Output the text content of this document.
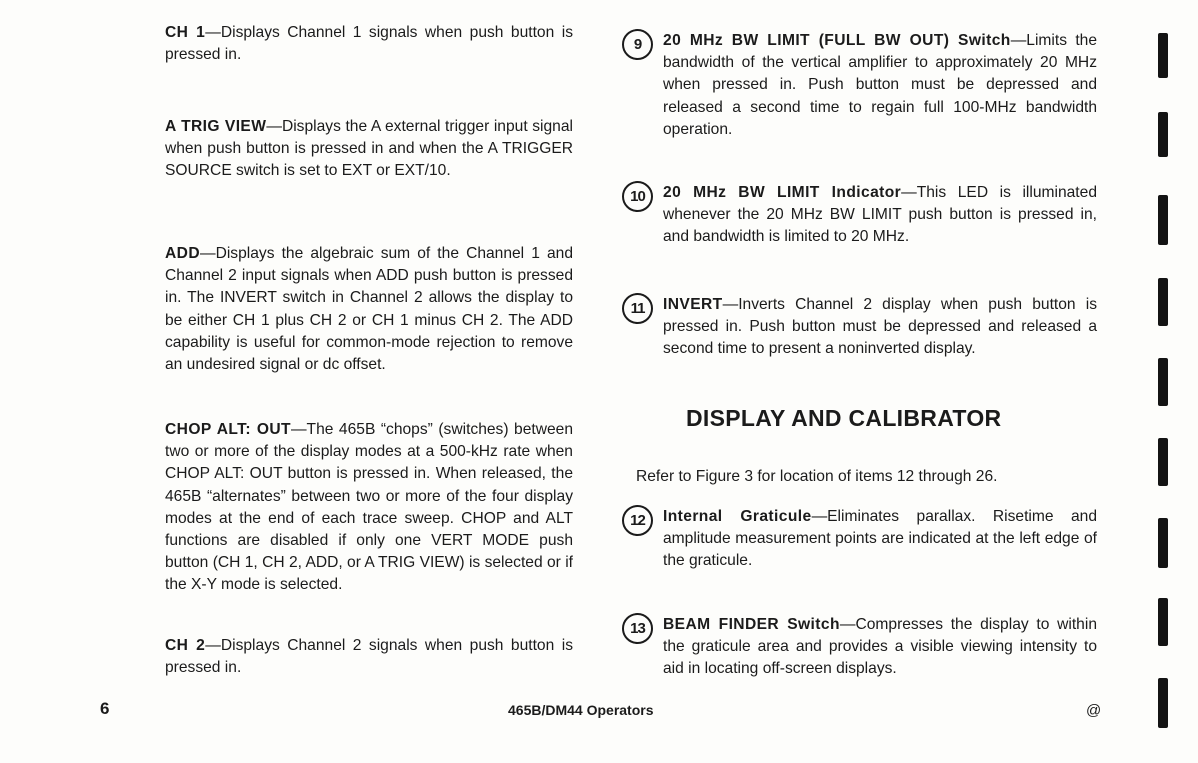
CH 1—Displays Channel 1 signals when push button is pressed in.

A TRIG VIEW—Displays the A external trigger input signal when push button is pressed in and when the A TRIGGER SOURCE switch is set to EXT or EXT/10.

ADD—Displays the algebraic sum of the Channel 1 and Channel 2 input signals when ADD push button is pressed in. The INVERT switch in Channel 2 allows the display to be either CH 1 plus CH 2 or CH 1 minus CH 2. The ADD capability is useful for common-mode rejection to remove an undesired signal or dc offset.

CHOP ALT: OUT—The 465B “chops” (switches) between two or more of the display modes at a 500-kHz rate when CHOP ALT: OUT button is pressed in. When released, the 465B “alternates” between two or more of the four display modes at the end of each trace sweep. CHOP and ALT functions are disabled if only one VERT MODE push button (CH 1, CH 2, ADD, or A TRIG VIEW) is selected or if the X-Y mode is selected.

CH 2—Displays Channel 2 signals when push button is pressed in.

9	20 MHz BW LIMIT (FULL BW OUT) Switch—Limits the bandwidth of the vertical amplifier to approximately 20 MHz when pressed in. Push button must be depressed and released a second time to regain full 100-MHz bandwidth operation.

10	20 MHz BW LIMIT Indicator—This LED is illuminated whenever the 20 MHz BW LIMIT push button is pressed in, and bandwidth is limited to 20 MHz.

11	INVERT—Inverts Channel 2 display when push button is pressed in. Push button must be depressed and released a second time to present a noninverted display.

DISPLAY AND CALIBRATOR

Refer to Figure 3 for location of items 12 through 26.

12	Internal Graticule—Eliminates parallax. Risetime and amplitude measurement points are indicated at the left edge of the graticule.

13	BEAM FINDER Switch—Compresses the display to within the graticule area and provides a visible viewing intensity to aid in locating off-screen displays.

6	465B/DM44 Operators	@
